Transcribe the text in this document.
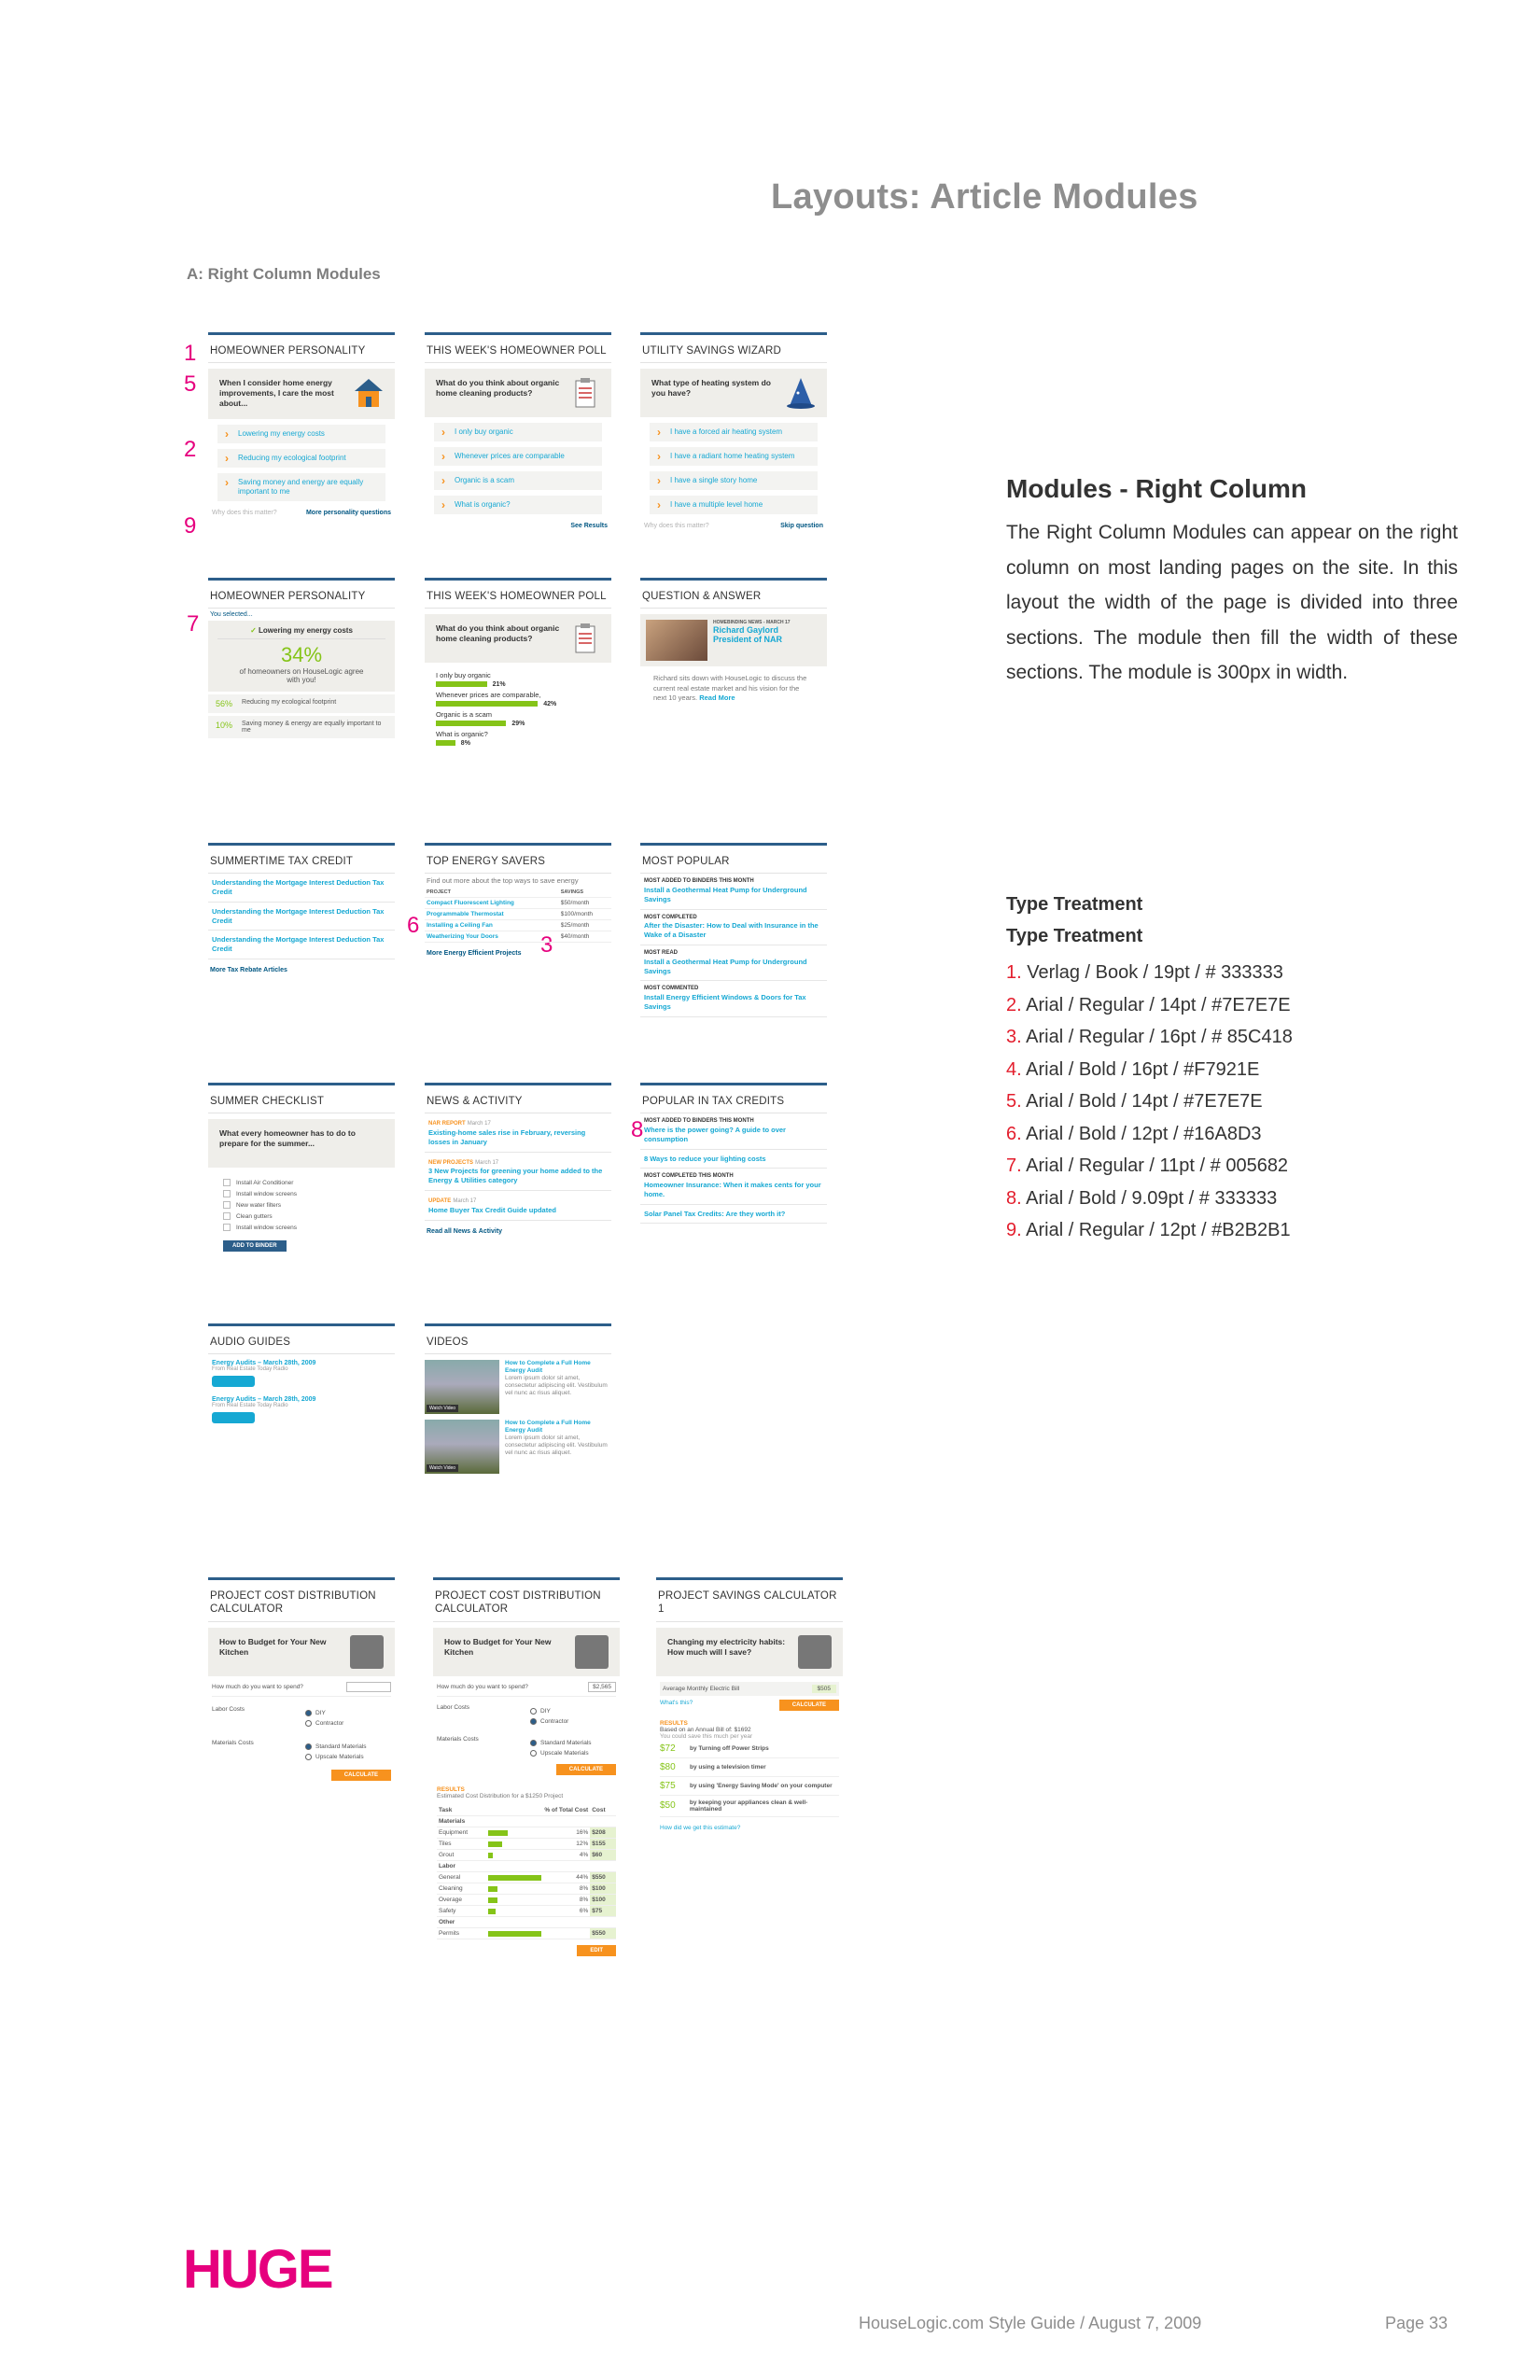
Layouts: Article Modules
A: Right Column Modules
1
5
2
9
7
6
3
8
HOMEOWNER PERSONALITY
When I consider home energy improvements, I care the most about...
› Lowering my energy costs
› Reducing my ecological footprint
› Saving money and energy are equally important to me
Why does this matter?	More personality questions
THIS WEEK'S HOMEOWNER POLL
What do you think about organic home cleaning products?
› I only buy organic
› Whenever prices are comparable
› Organic is a scam
› What is organic?
See Results
UTILITY SAVINGS WIZARD
What type of heating system do you have?
› I have a forced air heating system
› I have a radiant home heating system
› I have a single story home
› I have a multiple level home
Why does this matter?	Skip question
HOMEOWNER PERSONALITY
You selected...
✓ Lowering my energy costs
34%
of homeowners on HouseLogic agree with you!
56% Reducing my ecological footprint
10% Saving money & energy are equally important to me
THIS WEEK'S HOMEOWNER POLL
What do you think about organic home cleaning products?
I only buy organic
21%
Whenever prices are comparable,
42%
Organic is a scam
29%
What is organic?
8%
QUESTION & ANSWER
HOMEBINDING NEWS - MARCH 17
Richard Gaylord
President of NAR
Richard sits down with HouseLogic to discuss the current real estate market and his vision for the next 10 years. Read More
SUMMERTIME TAX CREDIT
Understanding the Mortgage Interest Deduction Tax Credit
Understanding the Mortgage Interest Deduction Tax Credit
Understanding the Mortgage Interest Deduction Tax Credit
More Tax Rebate Articles
TOP ENERGY SAVERS
Find out more about the top ways to save energy
PROJECT	SAVINGS
Compact Fluorescent Lighting	$50/month
Programmable Thermostat	$100/month
Installing a Ceiling Fan	$25/month
Weatherizing Your Doors	$40/month
More Energy Efficient Projects
MOST POPULAR
MOST ADDED TO BINDERS THIS MONTH
Install a Geothermal Heat Pump for Underground Savings
MOST COMPLETED
After the Disaster: How to Deal with Insurance in the Wake of a Disaster
MOST READ
Install a Geothermal Heat Pump for Underground Savings
MOST COMMENTED
Install Energy Efficient Windows & Doors for Tax Savings
SUMMER CHECKLIST
What every homeowner has to do to prepare for the summer...
Install Air Conditioner
Install window screens
New water filters
Clean gutters
Install window screens
ADD TO BINDER
NEWS & ACTIVITY
NAR REPORT March 17
Existing-home sales rise in February, reversing losses in January
NEW PROJECTS March 17
3 New Projects for greening your home added to the Energy & Utilities category
UPDATE March 17
Home Buyer Tax Credit Guide updated
Read all News & Activity
POPULAR IN TAX CREDITS
MOST ADDED TO BINDERS THIS MONTH
Where is the power going? A guide to over consumption
8 Ways to reduce your lighting costs
MOST COMPLETED THIS MONTH
Homeowner Insurance: When it makes cents for your home.
Solar Panel Tax Credits: Are they worth it?
AUDIO GUIDES
Energy Audits – March 28th, 2009
From Real Estate Today Radio
Energy Audits – March 28th, 2009
From Real Estate Today Radio
VIDEOS
Watch Video
How to Complete a Full Home Energy Audit
Lorem ipsum dolor sit amet, consectetur adipiscing elit. Vestibulum vel nunc ac risus aliquet.
Watch Video
How to Complete a Full Home Energy Audit
Lorem ipsum dolor sit amet, consectetur adipiscing elit. Vestibulum vel nunc ac risus aliquet.
PROJECT COST DISTRIBUTION CALCULATOR
How to Budget for Your New Kitchen
How much do you want to spend?
Labor Costs
DIY
Contractor
Materials Costs
Standard Materials
Upscale Materials
CALCULATE
PROJECT COST DISTRIBUTION CALCULATOR
How to Budget for Your New Kitchen
How much do you want to spend?	$2,565
Labor Costs
DIY
Contractor
Materials Costs
Standard Materials
Upscale Materials
CALCULATE
RESULTS
Estimated Cost Distribution for a $1250 Project
Task	% of Total Cost	Cost
Materials		
Equipment	16%	$208
Tiles	12%	$155
Grout	4%	$60
Labor		
General	44%	$550
Cleaning	8%	$100
Overage	8%	$100
Safety	6%	$75
Other		
Permits		$550
EDIT
PROJECT SAVINGS CALCULATOR 1
Changing my electricity habits: How much will I save?
Average Monthly Electric Bill	$505
What's this?	CALCULATE
RESULTS
Based on an Annual Bill of: $1692
You could save this much per year
$72	by Turning off Power Strips
$80	by using a television timer
$75	by using 'Energy Saving Mode' on your computer
$50	by keeping your appliances clean & well-maintained
How did we get this estimate?
Modules - Right Column
The Right Column Modules can appear on the right column on most landing pages on the site. In this layout the width of the page is divided into three sections. The module then fill the width of these sections. The module is 300px in width.
Type Treatment
Type Treatment
1. Verlag / Book / 19pt / # 333333
2. Arial / Regular / 14pt / #7E7E7E
3. Arial / Regular / 16pt / # 85C418
4. Arial / Bold / 16pt / #F7921E
5. Arial / Bold / 14pt / #7E7E7E
6. Arial / Bold / 12pt / #16A8D3
7. Arial / Regular / 11pt / # 005682
8. Arial / Bold / 9.09pt / # 333333
9. Arial / Regular / 12pt / #B2B2B1
HUGE
HouseLogic.com Style Guide / August 7, 2009	Page 33
